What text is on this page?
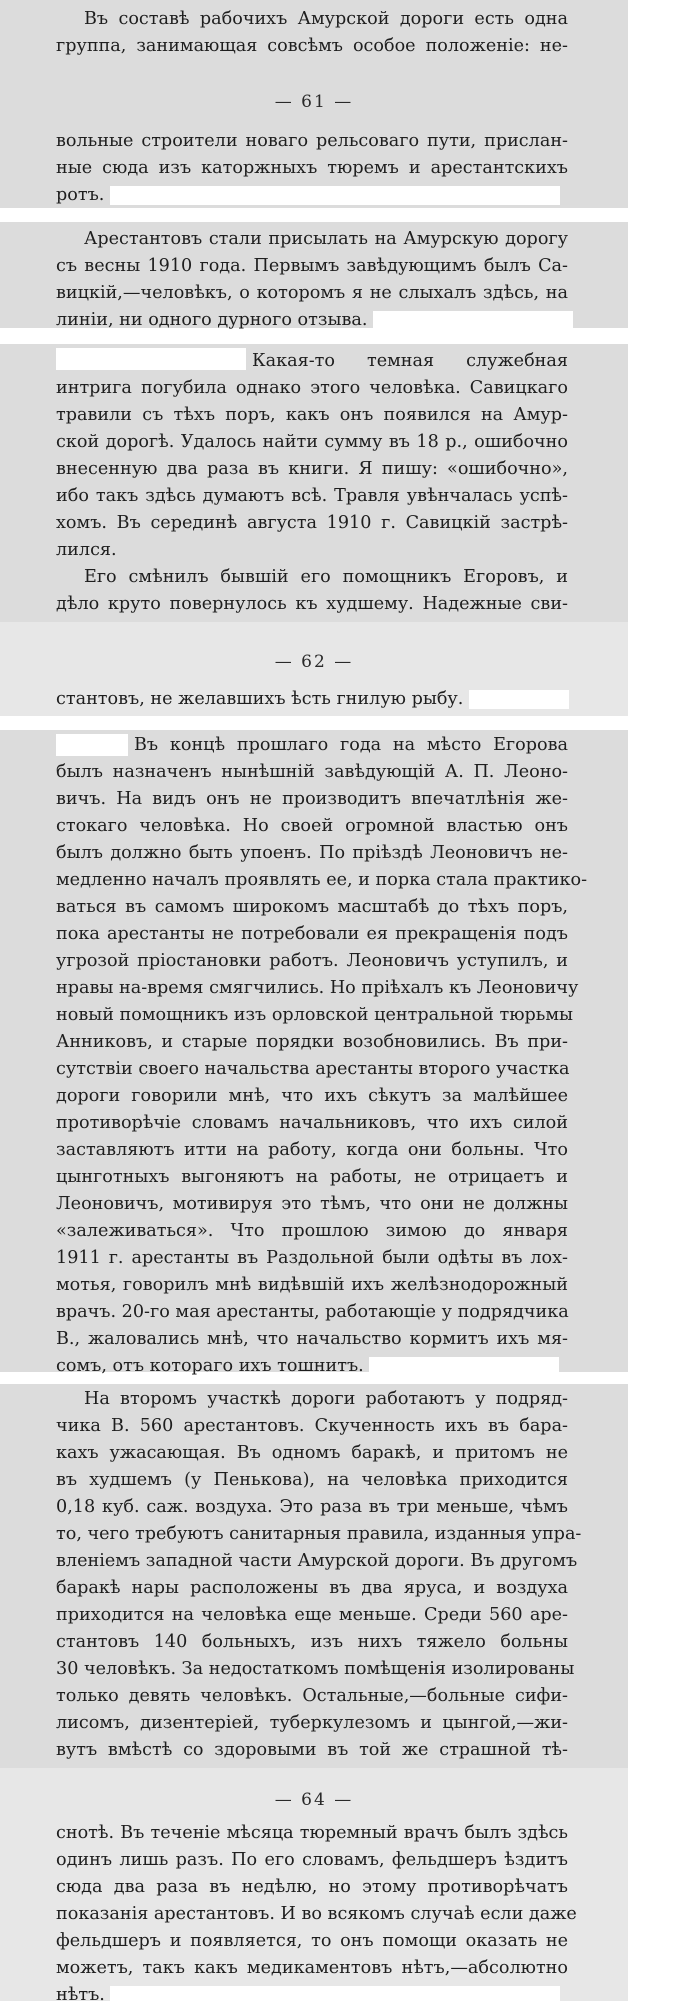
Въ составѣ рабочихъ Амурской дороги есть одна
группа, занимающая совсѣмъ особое положеніе: не-
— 61 —
вольные строители новаго рельсоваго пути, прислан-
ные сюда изъ каторжныхъ тюремъ и арестантскихъ
ротъ.
Арестантовъ стали присылать на Амурскую дорогу
съ весны 1910 года. Первымъ завѣдующимъ былъ Са-
вицкій,—человѣкъ, о которомъ я не слыхалъ здѣсь, на
линіи, ни одного дурного отзыва.
Какая-то темная служебная
интрига погубила однако этого человѣка. Савицкаго
травили съ тѣхъ поръ, какъ онъ появился на Амур-
ской дорогѣ. Удалось найти сумму въ 18 р., ошибочно
внесенную два раза въ книги. Я пишу: «ошибочно»,
ибо такъ здѣсь думаютъ всѣ. Травля увѣнчалась успѣ-
хомъ. Въ серединѣ августа 1910 г. Савицкій застрѣ-
лился.
Его смѣнилъ бывшій его помощникъ Егоровъ, и
дѣло круто повернулось къ худшему. Надежные сви-
— 62 —
стантовъ, не желавшихъ ѣсть гнилую рыбу.
Въ концѣ прошлаго года на мѣсто Егорова
былъ назначенъ нынѣшній завѣдующій А. П. Леоно-
вичъ. На видъ онъ не производитъ впечатлѣнія же-
стокаго человѣка. Но своей огромной властью онъ
былъ должно быть упоенъ. По пріѣздѣ Леоновичъ не-
медленно началъ проявлять ее, и порка стала практико-
ваться въ самомъ широкомъ масштабѣ до тѣхъ поръ,
пока арестанты не потребовали ея прекращенія подъ
угрозой пріостановки работъ. Леоновичъ уступилъ, и
нравы на-время смягчились. Но пріѣхалъ къ Леоновичу
новый помощникъ изъ орловской центральной тюрьмы
Анниковъ, и старые порядки возобновились. Въ при-
сутствіи своего начальства арестанты второго участка
дороги говорили мнѣ, что ихъ сѣкутъ за малѣйшее
противорѣчіе словамъ начальниковъ, что ихъ силой
заставляютъ итти на работу, когда они больны. Что
цынготныхъ выгоняютъ на работы, не отрицаетъ и
Леоновичъ, мотивируя это тѣмъ, что они не должны
«залеживаться». Что прошлою зимою до января
1911 г. арестанты въ Раздольной были одѣты въ лох-
мотья, говорилъ мнѣ видѣвшій ихъ желѣзнодорожный
врачъ. 20-го мая арестанты, работающіе у подрядчика
В., жаловались мнѣ, что начальство кормитъ ихъ мя-
сомъ, отъ котораго ихъ тошнитъ.
На второмъ участкѣ дороги работаютъ у подряд-
чика В. 560 арестантовъ. Скученность ихъ въ бара-
кахъ ужасающая. Въ одномъ баракѣ, и притомъ не
въ худшемъ (у Пенькова), на человѣка приходится
0,18 куб. саж. воздуха. Это раза въ три меньше, чѣмъ
то, чего требуютъ санитарныя правила, изданныя упра-
вленіемъ западной части Амурской дороги. Въ другомъ
баракѣ нары расположены въ два яруса, и воздуха
приходится на человѣка еще меньше. Среди 560 аре-
стантовъ 140 больныхъ, изъ нихъ тяжело больны
30 человѣкъ. За недостаткомъ помѣщенія изолированы
только девять человѣкъ. Остальные,—больные сифи-
лисомъ, дизентеріей, туберкулезомъ и цынгой,—жи-
вутъ вмѣстѣ со здоровыми въ той же страшной тѣ-
— 64 —
снотѣ. Въ теченіе мѣсяца тюремный врачъ былъ здѣсь
одинъ лишь разъ. По его словамъ, фельдшеръ ѣздитъ
сюда два раза въ недѣлю, но этому противорѣчатъ
показанія арестантовъ. И во всякомъ случаѣ если даже
фельдшеръ и появляется, то онъ помощи оказать не
можетъ, такъ какъ медикаментовъ нѣтъ,—абсолютно
нѣтъ.
